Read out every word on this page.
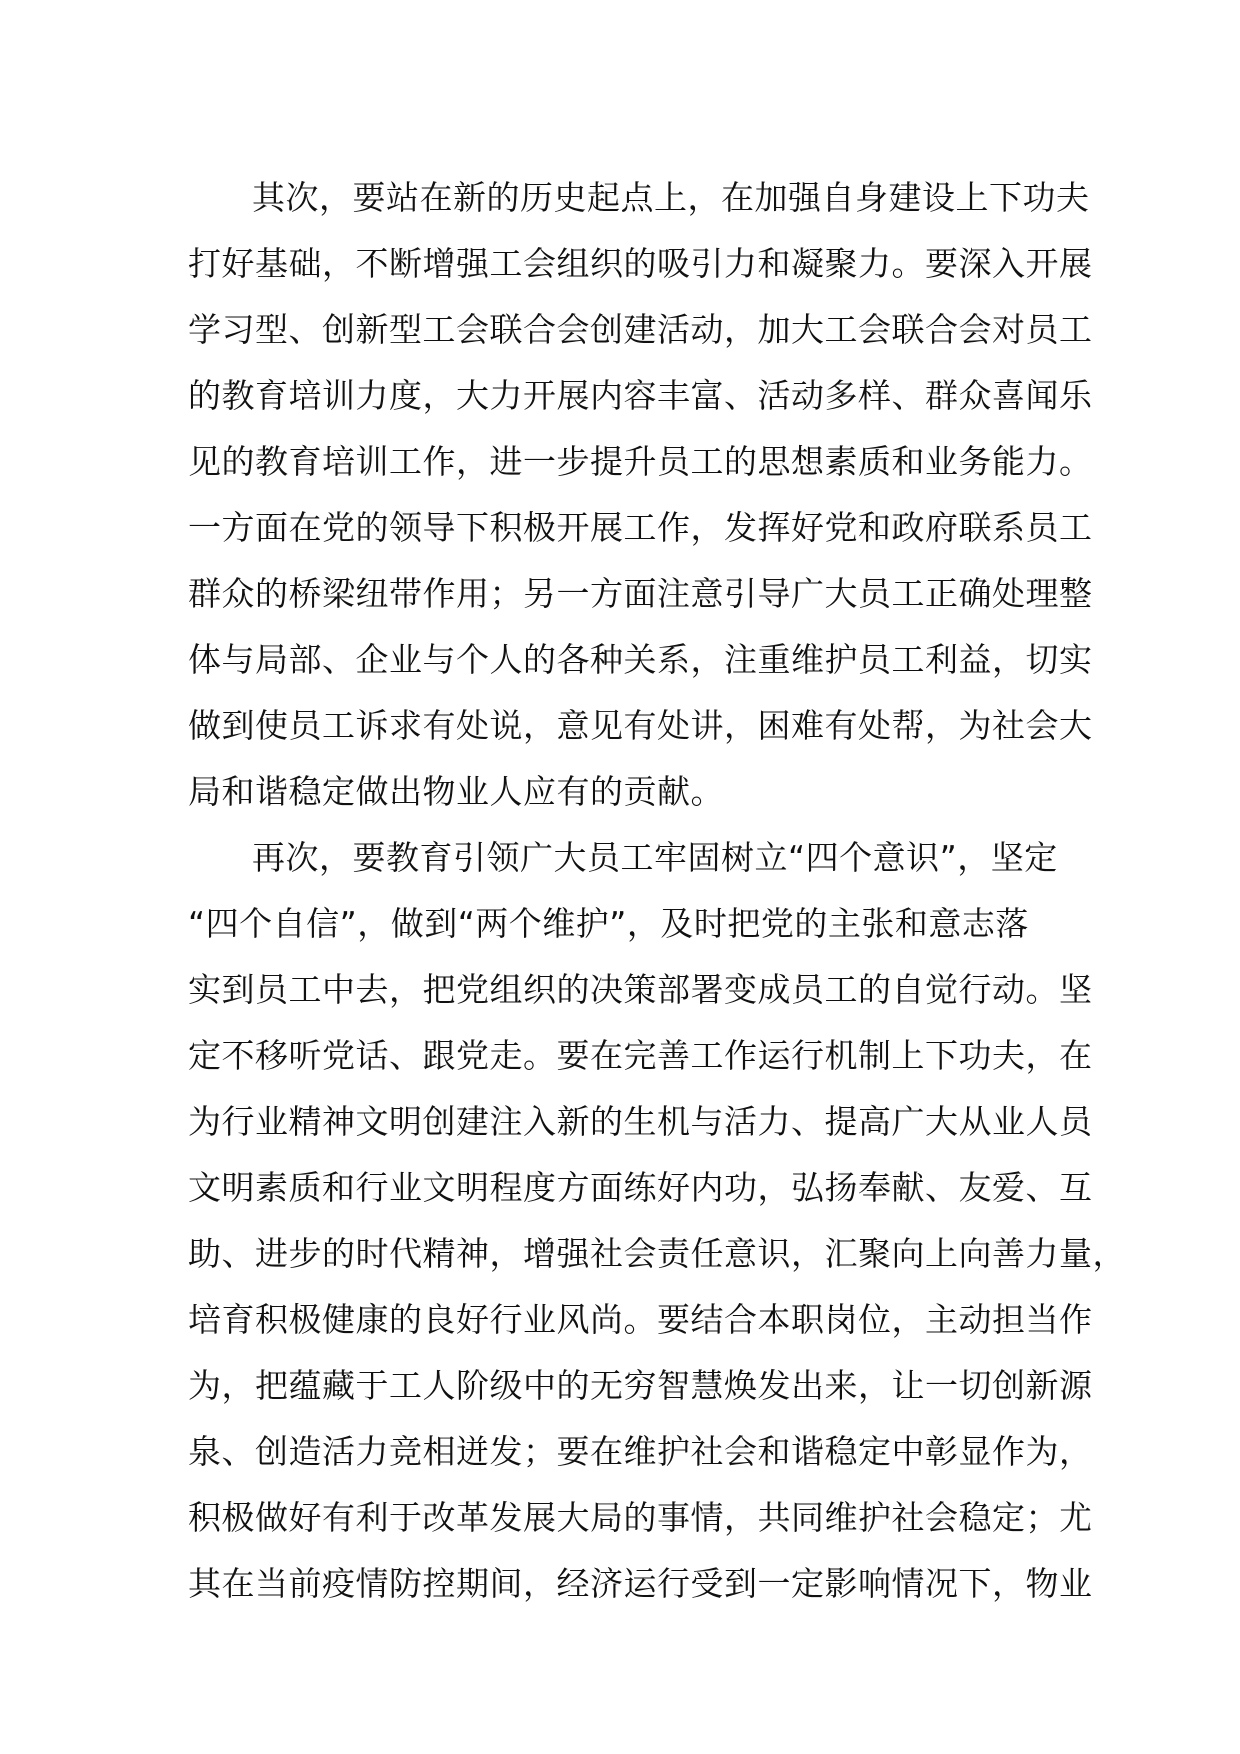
其次，要站在新的历史起点上，在加强自身建设上下功夫
打好基础，不断增强工会组织的吸引力和凝聚力。要深入开展
学习型、创新型工会联合会创建活动，加大工会联合会对员工
的教育培训力度，大力开展内容丰富、活动多样、群众喜闻乐
见的教育培训工作，进一步提升员工的思想素质和业务能力。
一方面在党的领导下积极开展工作，发挥好党和政府联系员工
群众的桥梁纽带作用；另一方面注意引导广大员工正确处理整
体与局部、企业与个人的各种关系，注重维护员工利益，切实
做到使员工诉求有处说，意见有处讲，困难有处帮，为社会大
局和谐稳定做出物业人应有的贡献。
再次，要教育引领广大员工牢固树立“四个意识”，坚定
“四个自信”，做到“两个维护”，及时把党的主张和意志落
实到员工中去，把党组织的决策部署变成员工的自觉行动。坚
定不移听党话、跟党走。要在完善工作运行机制上下功夫，在
为行业精神文明创建注入新的生机与活力、提高广大从业人员
文明素质和行业文明程度方面练好内功，弘扬奉献、友爱、互
助、进步的时代精神，增强社会责任意识，汇聚向上向善力量，
培育积极健康的良好行业风尚。要结合本职岗位，主动担当作
为，把蕴藏于工人阶级中的无穷智慧焕发出来，让一切创新源
泉、创造活力竞相迸发；要在维护社会和谐稳定中彰显作为，
积极做好有利于改革发展大局的事情，共同维护社会稳定；尤
其在当前疫情防控期间，经济运行受到一定影响情况下，物业
